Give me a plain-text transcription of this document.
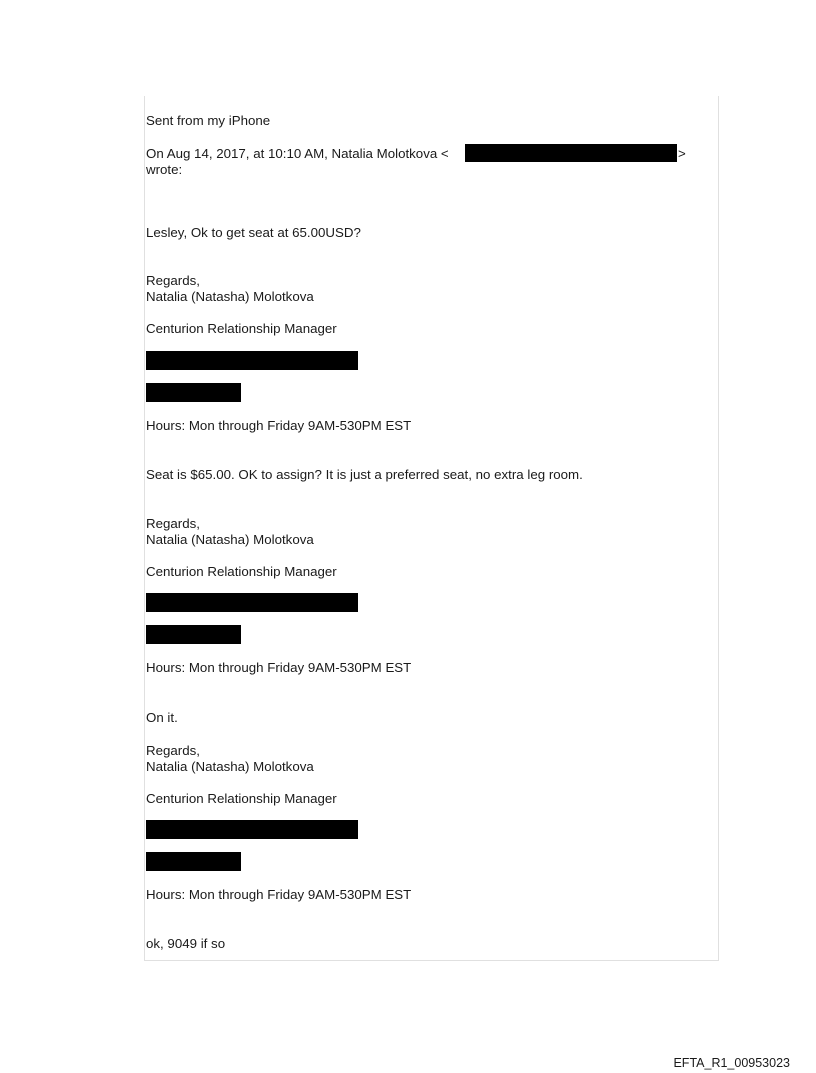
Sent from my iPhone
On Aug 14, 2017, at 10:10 AM, Natalia Molotkova <	>
wrote:
Lesley, Ok to get seat at 65.00USD?
Regards,
Natalia (Natasha) Molotkova
Centurion Relationship Manager
Hours: Mon through Friday 9AM-530PM EST
Seat is $65.00. OK to assign? It is just a preferred seat, no extra leg room.
Regards,
Natalia (Natasha) Molotkova
Centurion Relationship Manager
Hours: Mon through Friday 9AM-530PM EST
On it.
Regards,
Natalia (Natasha) Molotkova
Centurion Relationship Manager
Hours: Mon through Friday 9AM-530PM EST
ok, 9049 if so
EFTA_R1_00953023
